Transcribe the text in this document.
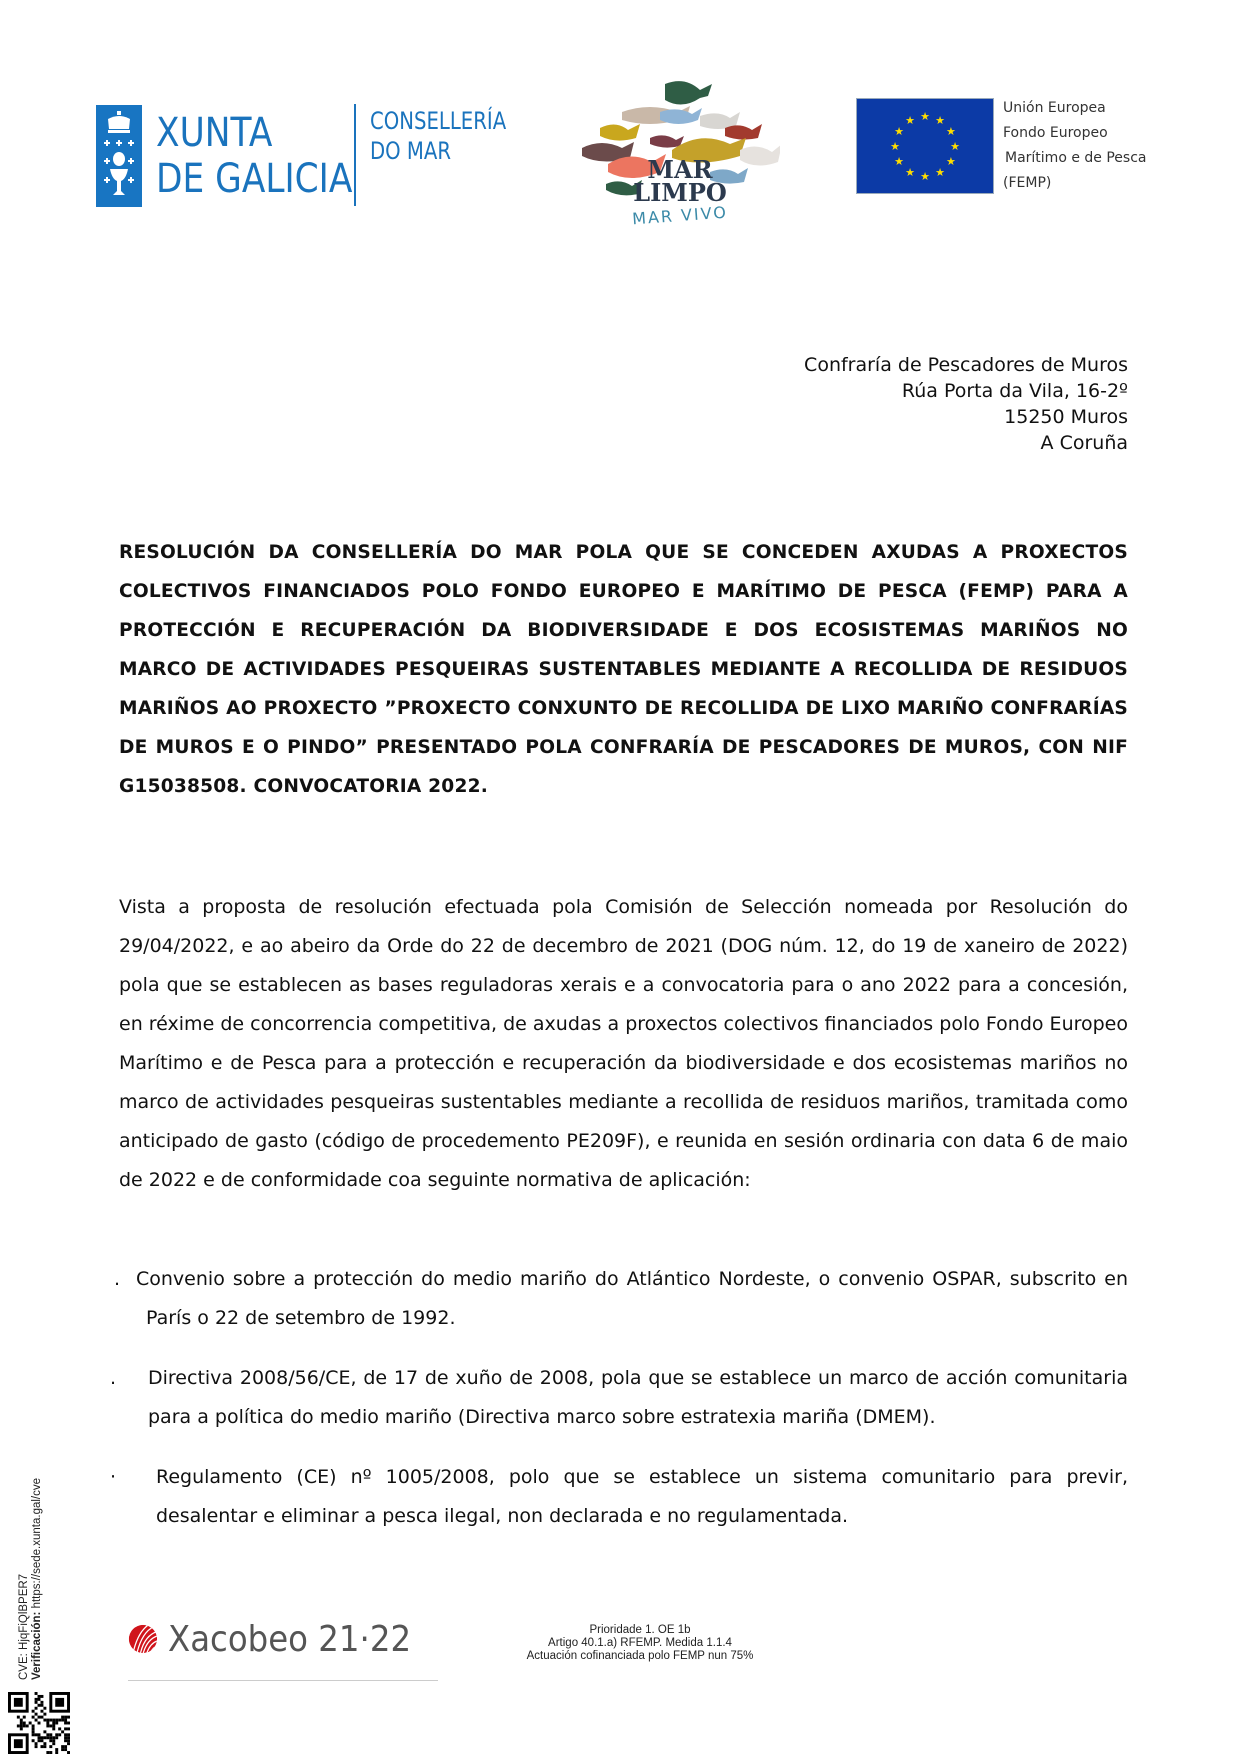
XUNTA
DE GALICIA
CONSELLERÍA
DO MAR
MAR
LIMPO
MAR VIVO
★ ★
★
★
★
★
★
★
★
★
★
★
Unión Europea
Fondo Europeo
Marítimo e de Pesca
(FEMP)
Confraría de Pescadores de Muros
Rúa Porta da Vila, 16-2º
15250 Muros
A Coruña
RESOLUCIÓN DA CONSELLERÍA DO MAR POLA QUE SE CONCEDEN AXUDAS A PROXECTOS COLECTIVOS FINANCIADOS POLO FONDO EUROPEO E MARÍTIMO DE PESCA (FEMP) PARA A PROTECCIÓN E RECUPERACIÓN DA BIODIVERSIDADE E DOS ECOSISTEMAS MARIÑOS NO MARCO DE ACTIVIDADES PESQUEIRAS SUSTENTABLES MEDIANTE A RECOLLIDA DE RESIDUOS MARIÑOS AO PROXECTO ”PROXECTO CONXUNTO DE RECOLLIDA DE LIXO MARIÑO CONFRARÍAS DE MUROS E O PINDO” PRESENTADO POLA CONFRARÍA DE PESCADORES DE MUROS, CON NIF G15038508. CONVOCATORIA 2022.
Vista a proposta de resolución efectuada pola Comisión de Selección nomeada por Resolución do 29/04/2022, e ao abeiro da Orde do 22 de decembro de 2021 (DOG núm. 12, do 19 de xaneiro de 2022) pola que se establecen as bases reguladoras xerais e a convocatoria para o ano 2022 para a concesión, en réxime de concorrencia competitiva, de axudas a proxectos colectivos financiados polo Fondo Europeo Marítimo e de Pesca para a protección e recuperación da biodiversidade e dos ecosistemas mariños no marco de actividades pesqueiras sustentables mediante a recollida de residuos mariños, tramitada como anticipado de gasto (código de procedemento PE209F), e reunida en sesión ordinaria con data 6 de maio de 2022 e de conformidade coa seguinte normativa de aplicación:
. Convenio sobre a protección do medio mariño do Atlántico Nordeste, o convenio OSPAR, subscrito en París o 22 de setembro de 1992.
. Directiva 2008/56/CE, de 17 de xuño de 2008, pola que se establece un marco de acción comunitaria para a política do medio mariño (Directiva marco sobre estratexia mariña (DMEM).
· Regulamento (CE) nº 1005/2008, polo que se establece un sistema comunitario para previr, desalentar e eliminar a pesca ilegal, non declarada e no regulamentada.
Xacobeo 21·22	Prioridade 1. OE 1b
Artigo 40.1.a) RFEMP. Medida 1.1.4
Actuación cofinanciada polo FEMP nun 75%
CVE: HjqFiQlBPER7 Verificación: https://sede.xunta.gal/cve
